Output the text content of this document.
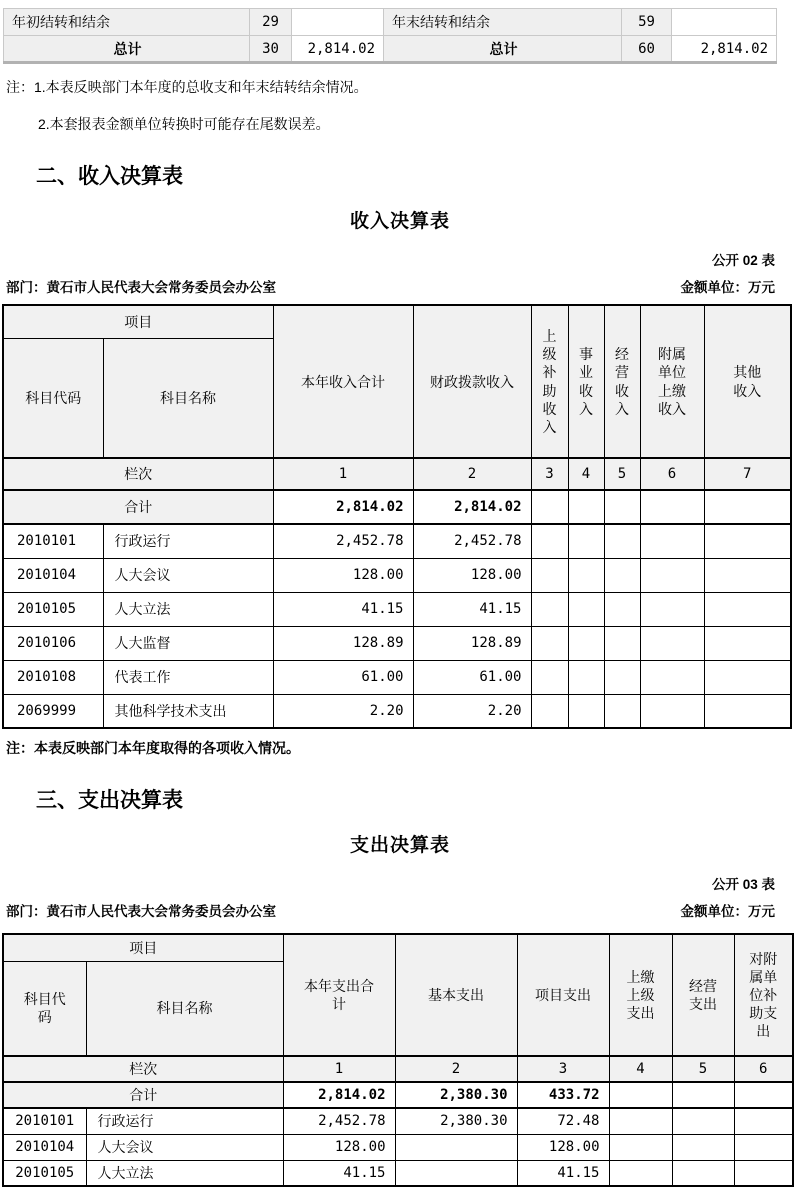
年初结转和结余	29		年末结转和结余	59	
总计	30	2,814.02	总计	60	2,814.02
注：1.本表反映部门本年度的总收支和年末结转结余情况。
2.本套报表金额单位转换时可能存在尾数误差。
二、收入决算表
收入决算表
公开 02 表
部门：黄石市人民代表大会常务委员会办公室	金额单位：万元
项目		本年收入合计	财政拨款收入	上级补助收入	事业收入	经营收入	附属单位上缴收入	其他收入
科目代码	科目名称							
栏次		1	2	3	4	5	6	7
合计		2,814.02	2,814.02					
2010101	行政运行	2,452.78	2,452.78					
2010104	人大会议	128.00	128.00					
2010105	人大立法	41.15	41.15					
2010106	人大监督	128.89	128.89					
2010108	代表工作	61.00	61.00					
2069999	其他科学技术支出	2.20	2.20					
注：本表反映部门本年度取得的各项收入情况。
三、支出决算表
支出决算表
公开 03 表
部门：黄石市人民代表大会常务委员会办公室	金额单位：万元
项目		本年支出合计	基本支出	项目支出	上缴上级支出	经营支出	对附属单位补助支出
科目代码	科目名称						
栏次		1	2	3	4	5	6
合计		2,814.02	2,380.30	433.72			
2010101	行政运行	2,452.78	2,380.30	72.48			
2010104	人大会议	128.00		128.00			
2010105	人大立法	41.15		41.15			
